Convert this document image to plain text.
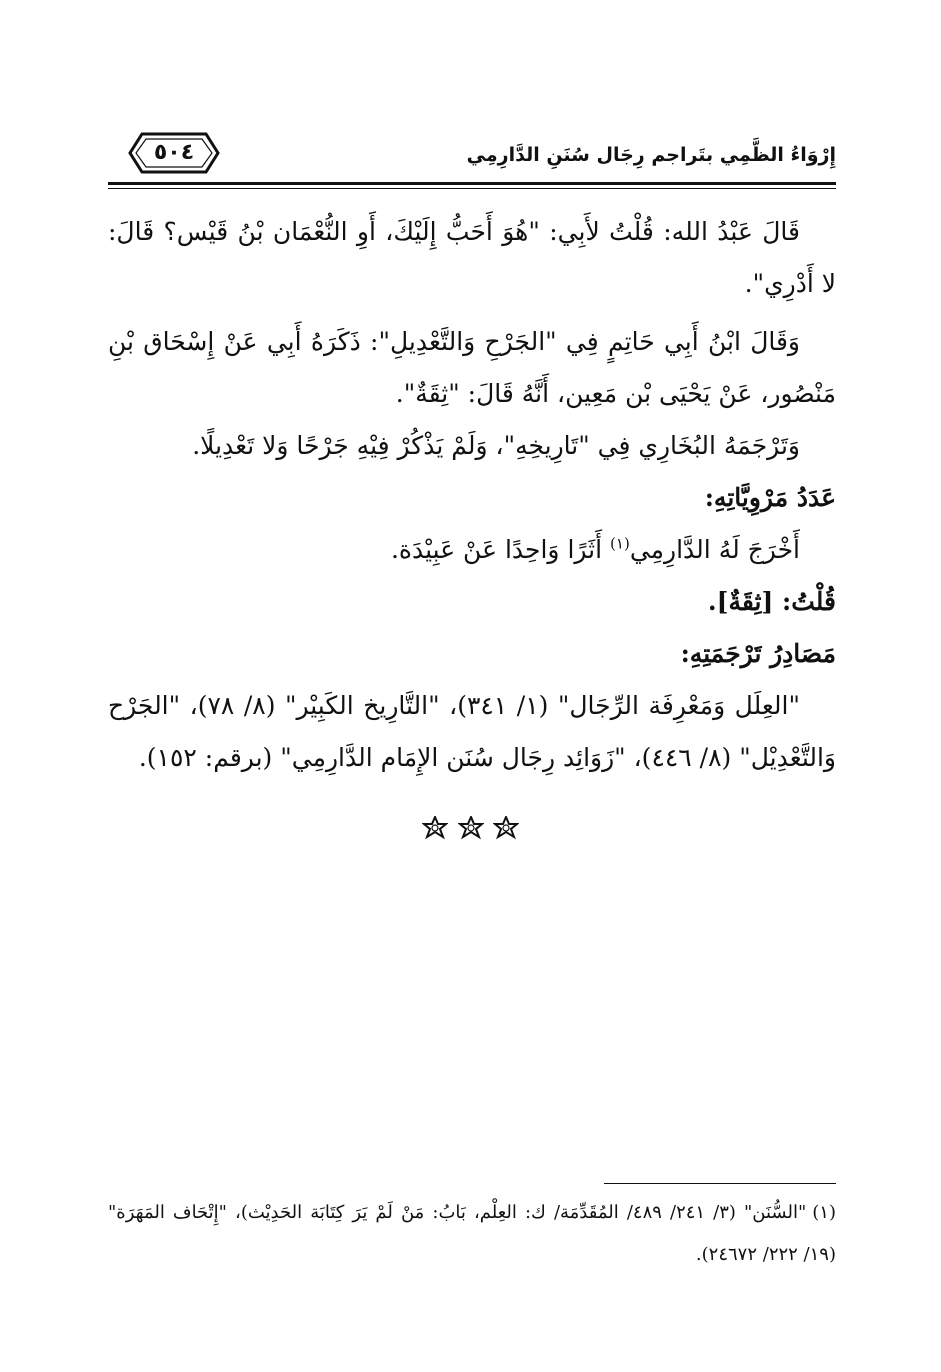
٥٠٤	إِرْوَاءُ الظَّمِي بتَراجم رِجَال سُنَنِ الدَّارِمِي

قَالَ عَبْدُ الله: قُلْتُ لأَبِي: "هُوَ أَحَبُّ إِلَيْكَ، أَوِ النُّعْمَان بْنُ قَيْس؟ قَالَ: لا أَدْرِي".

وَقَالَ ابْنُ أَبِي حَاتِمٍ فِي "الجَرْحِ وَالتَّعْدِيلِ": ذَكَرَهُ أَبِي عَنْ إِسْحَاق بْنِ مَنْصُور، عَنْ يَحْيَى بْن مَعِين، أَنَّهُ قَالَ: "ثِقَةٌ".

وَتَرْجَمَهُ البُخَارِي فِي "تَارِيخِهِ"، وَلَمْ يَذْكُرْ فِيْهِ جَرْحًا وَلا تَعْدِيلًا.

عَدَدُ مَرْوِيَّاتِهِ:

أَخْرَجَ لَهُ الدَّارِمِي$^{(١)}$ أَثَرًا وَاحِدًا عَنْ عَبِيْدَة.

قُلْتُ: [ثِقَةٌ].

مَصَادِرُ تَرْجَمَتِهِ:

"العِلَل وَمَعْرِفَة الرِّجَال" (١/ ٣٤١)، "التَّارِيخ الكَبِيْر" (٨/ ٧٨)، "الجَرْح وَالتَّعْدِيْل" (٨/ ٤٤٦)، "زَوَائِد رِجَال سُنَن الإِمَام الدَّارِمِي" (برقم: ١٥٢).

(١)"السُّنَن" (٣/ ٢٤١/ ٤٨٩/ المُقَدِّمَة/ ك: العِلْم، بَابُ: مَنْ لَمْ يَرَ كِتَابَة الحَدِيْث)، "إِتْحَاف المَهَرَة" (١٩/ ٢٢٢/ ٢٤٦٧٢).
